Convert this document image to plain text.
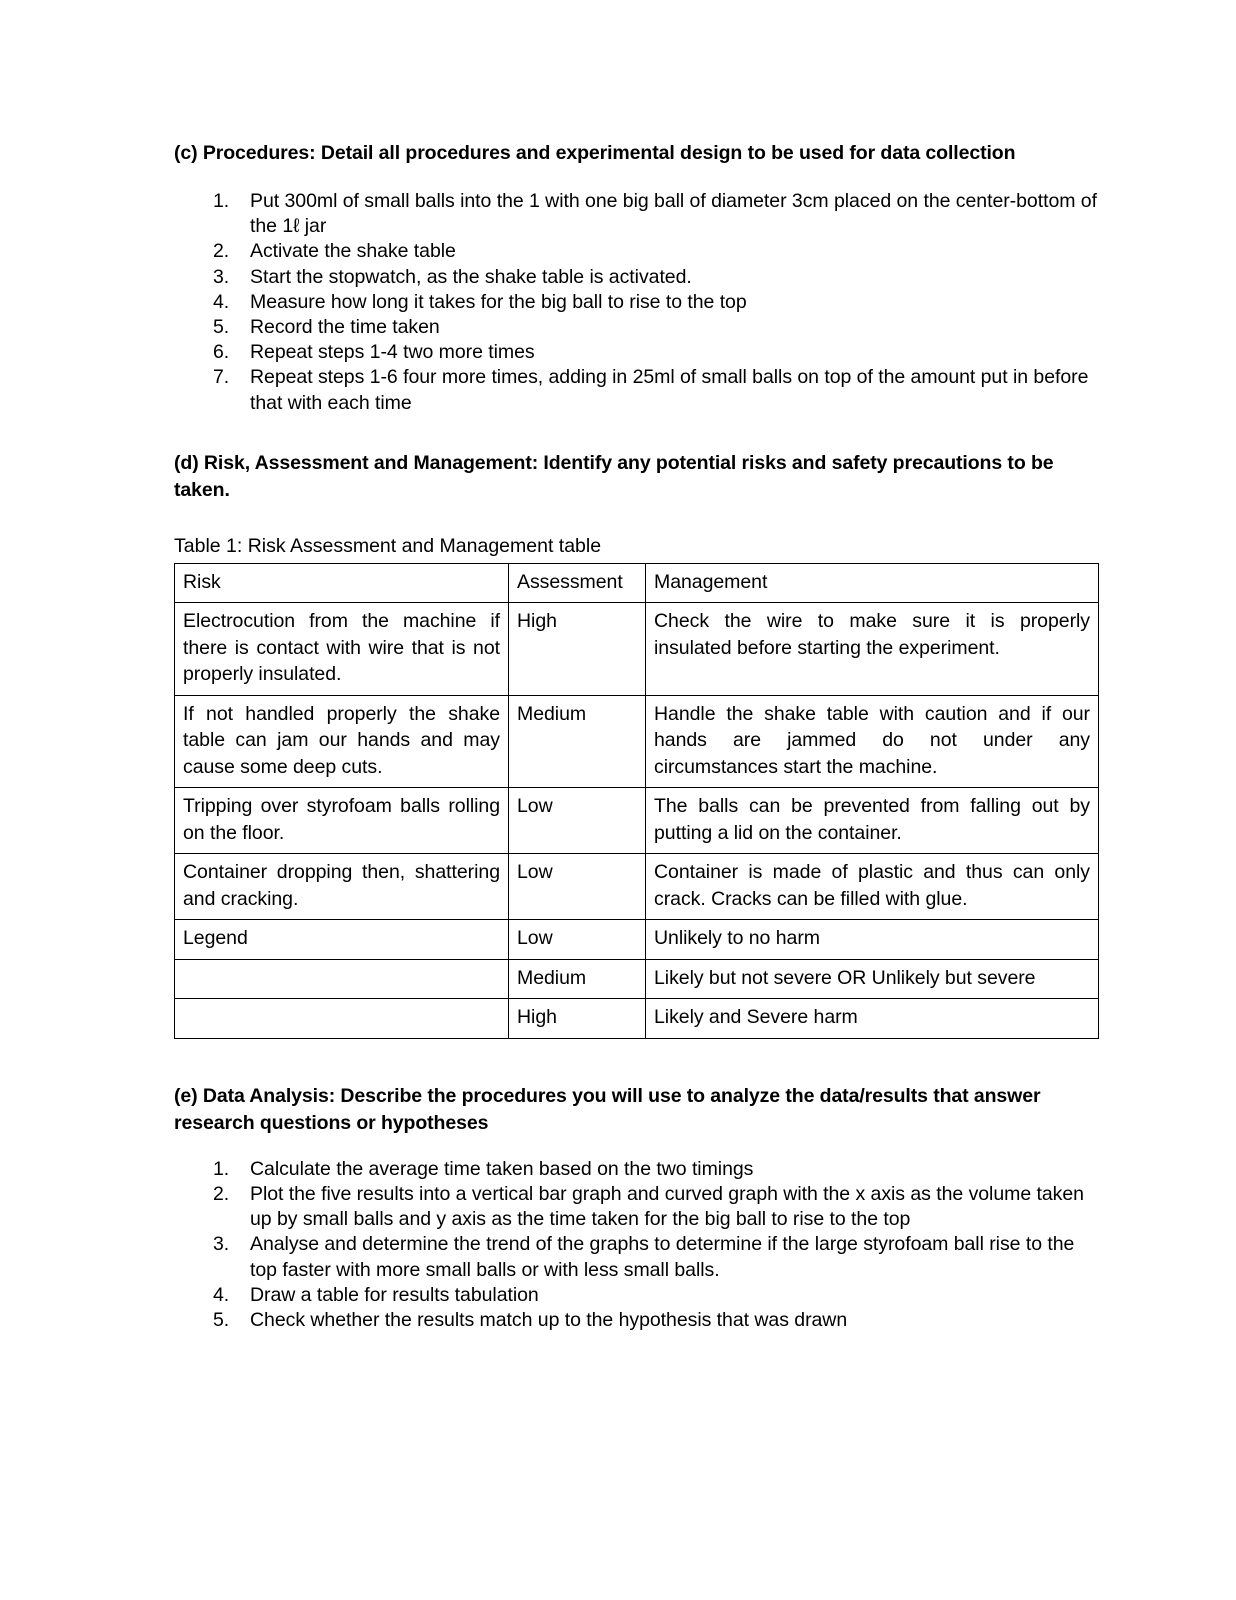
(c) Procedures: Detail all procedures and experimental design to be used for data collection

Put 300ml of small balls into the 1 with one big ball of diameter 3cm placed on the center-bottom of the 1ℓ jar
Activate the shake table
Start the stopwatch, as the shake table is activated.
Measure how long it takes for the big ball to rise to the top
Record the time taken
Repeat steps 1-4 two more times
Repeat steps 1-6 four more times, adding in 25ml of small balls on top of the amount put in before that with each time

(d) Risk, Assessment and Management: Identify any potential risks and safety precautions to be taken.

Table 1: Risk Assessment and Management table

Risk	Assessment	Management
Electrocution from the machine if there is contact with wire that is not properly insulated.	High	Check the wire to make sure it is properly insulated before starting the experiment.
If not handled properly the shake table can jam our hands and may cause some deep cuts.	Medium	Handle the shake table with caution and if our hands are jammed do not under any circumstances start the machine.
Tripping over styrofoam balls rolling on the floor.	Low	The balls can be prevented from falling out by putting a lid on the container.
Container dropping then, shattering and cracking.	Low	Container is made of plastic and thus can only crack. Cracks can be filled with glue.
Legend	Low	Unlikely to no harm
	Medium	Likely but not severe OR Unlikely but severe
	High	Likely and Severe harm

(e) Data Analysis: Describe the procedures you will use to analyze the data/results that answer research questions or hypotheses

Calculate the average time taken based on the two timings
Plot the five results into a vertical bar graph and curved graph with the x axis as the volume taken up by small balls and y axis as the time taken for the big ball to rise to the top
Analyse and determine the trend of the graphs to determine if the large styrofoam ball rise to the top faster with more small balls or with less small balls.
Draw a table for results tabulation
Check whether the results match up to the hypothesis that was drawn
